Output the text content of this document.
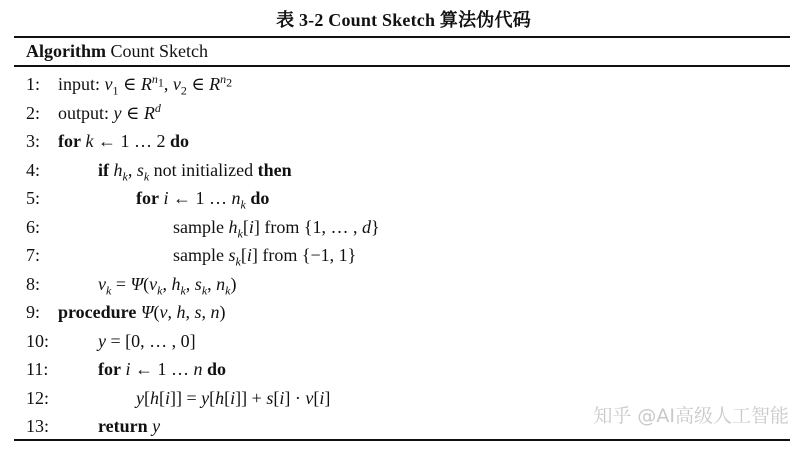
表 3-2 Count Sketch 算法伪代码
Algorithm Count Sketch
1: input: $v_1$ ∈ $R^{n_1}$, $v_2$ ∈ $R^{n_2}$
2: output: y ∈ $R^d$
3: for k ← 1 … 2 do
4:	if $h_k$, $s_k$ not initialized then
5:	for i ← 1 … $n_k$ do
6:	sample $h_k[i]$ from {1, … , d}
7:	sample $s_k[i]$ from {−1, 1}
8:	$v_k = \Psi(v_k$, $h_k$, $s_k$, $n_k$)
9: procedure Ψ(v, h, s, n)
10:	y = [0, … , 0]
11:	for i ← 1 … n do
12:	y[h[i]] = y[h[i]] + s[i] · v[i]
13:	return y	知乎 @AI高级人工智能
